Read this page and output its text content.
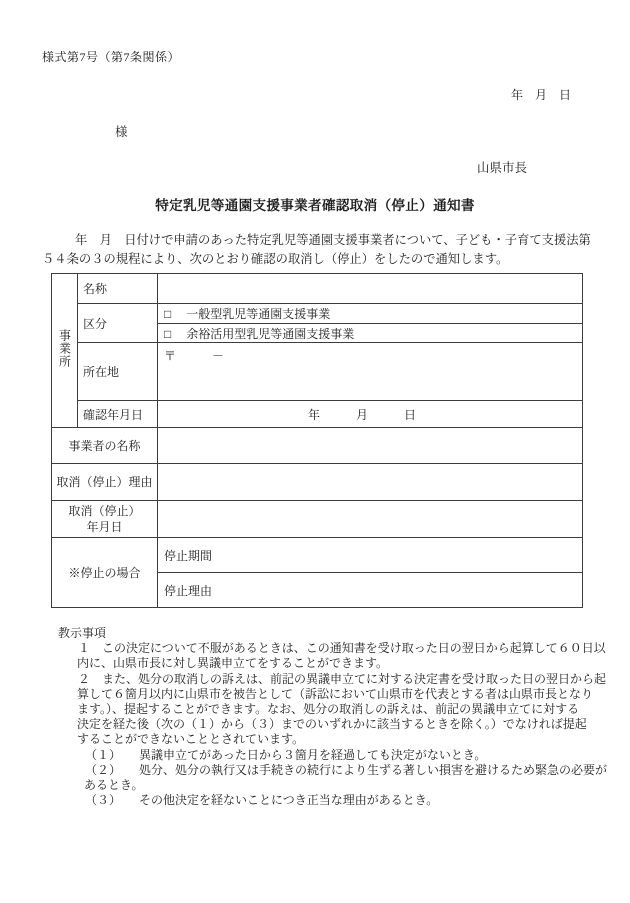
様式第7号（第7条関係）
年　月　日
様
山県市長
特定乳児等通園支援事業者確認取消（停止）通知書
年　月　日付けで申請のあった特定乳児等通園支援事業者について、子ども・子育て支援法第
５４条の３の規程により、次のとおり確認の取消し（停止）をしたので通知します。
事業所	名称	
	区分	□ 一般型乳児等通園支援事業
		□ 余裕活用型乳児等通園支援事業
	所在地	〒　　　－
	確認年月日	年　　　月　　　日
事業者の名称		
取消（停止）理由		

取消（停止）
年月日		

※停止の場合		停止期間
		停止理由
教示事項
１　この決定について不服があるときは、この通知書を受け取った日の翌日から起算して６０日以
内に、山県市長に対し異議申立てをすることができます。
２　また、処分の取消しの訴えは、前記の異議申立てに対する決定書を受け取った日の翌日から起
算して６箇月以内に山県市を被告として（訴訟において山県市を代表とする者は山県市長となり
ます。）、提起することができます。なお、処分の取消しの訴えは、前記の異議申立てに対する
決定を経た後（次の（１）から（３）までのいずれかに該当するときを除く。）でなければ提起
することができないこととされています。
（１）　　異議申立てがあった日から３箇月を経過しても決定がないとき。
（２）　　処分、処分の執行又は手続きの続行により生ずる著しい損害を避けるため緊急の必要が
あるとき。
（３）　　その他決定を経ないことにつき正当な理由があるとき。
